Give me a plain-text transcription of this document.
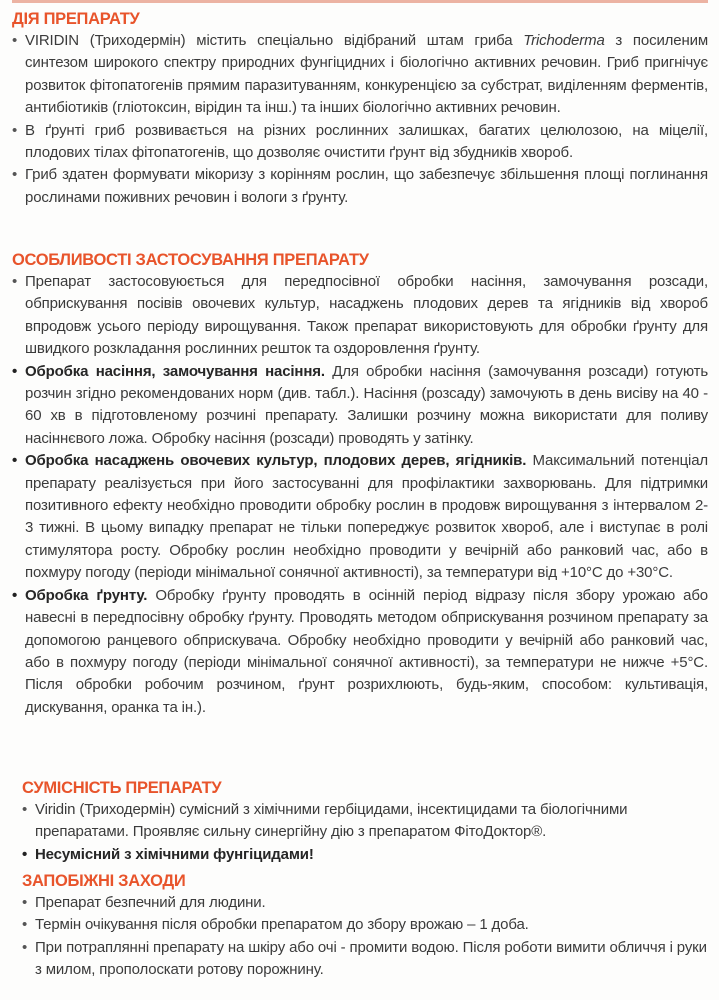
ДІЯ ПРЕПАРАТУ
• VIRIDIN (Триходермін) містить спеціально відібраний штам гриба Trichoderma з посиленим синтезом широкого спектру природних фунгіцидних і біологічно активних речовин. Гриб пригнічує розвиток фітопатогенів прямим паразитуванням, конкуренцією за субстрат, виділенням ферментів, антибіотиків (гліотоксин, вірідин та інш.) та інших біологічно активних речовин.
• В ґрунті гриб розвивається на різних рослинних залишках, багатих целюлозою, на міцелії, плодових тілах фітопатогенів, що дозволяє очистити ґрунт від збудників хвороб.
• Гриб здатен формувати мікоризу з корінням рослин, що забезпечує збільшення площі поглинання рослинами поживних речовин і вологи з ґрунту.
ОСОБЛИВОСТІ ЗАСТОСУВАННЯ ПРЕПАРАТУ
• Препарат застосовуюється для передпосівної обробки насіння, замочування розсади, обприскування посівів овочевих культур, насаджень плодових дерев та ягідників від хвороб впродовж усього періоду вирощування. Також препарат використовують для обробки ґрунту для швидкого розкладання рослинних решток та оздоровлення ґрунту.
• Обробка насіння, замочування насіння. Для обробки насіння (замочування розсади) готують розчин згідно рекомендованих норм (див. табл.). Насіння (розсаду) замочують в день висіву на 40 - 60 хв в підготовленому розчині препарату. Залишки розчину можна використати для поливу насіннєвого ложа. Обробку насіння (розсади) проводять у затінку.
• Обробка насаджень овочевих культур, плодових дерев, ягідників. Максимальний потенціал препарату реалізується при його застосуванні для профілактики захворювань. Для підтримки позитивного ефекту необхідно проводити обробку рослин в продовж вирощування з інтервалом 2-3 тижні. В цьому випадку препарат не тільки попереджує розвиток хвороб, але і виступає в ролі стимулятора росту. Обробку рослин необхідно проводити у вечірній або ранковий час, або в похмуру погоду (періоди мінімальної сонячної активності), за температури від +10°С до +30°С.
• Обробка ґрунту. Обробку ґрунту проводять в осінній період відразу після збору урожаю або навесні в передпосівну обробку ґрунту. Проводять методом обприскування розчином препарату за допомогою ранцевого обприскувача. Обробку необхідно проводити у вечірній або ранковий час, або в похмуру погоду (періоди мінімальної сонячної активності), за температури не нижче +5°С. Після обробки робочим розчином, ґрунт розрихлюють, будь-яким, способом: культивація, дискування, оранка та ін.).
СУМІСНІСТЬ ПРЕПАРАТУ
• Viridin (Триходермін) сумісний з хімічними гербіцидами, інсектицидами та біологічними препаратами. Проявляє сильну синергійну дію з препаратом ФітоДоктор®.
• Несумісний з хімічними фунгіцидами!
ЗАПОБІЖНІ ЗАХОДИ
• Препарат безпечний для людини.
• Термін очікування після обробки препаратом до збору врожаю – 1 доба.
• При потраплянні препарату на шкіру або очі - промити водою. Після роботи вимити обличчя і руки з милом, прополоскати ротову порожнину.
